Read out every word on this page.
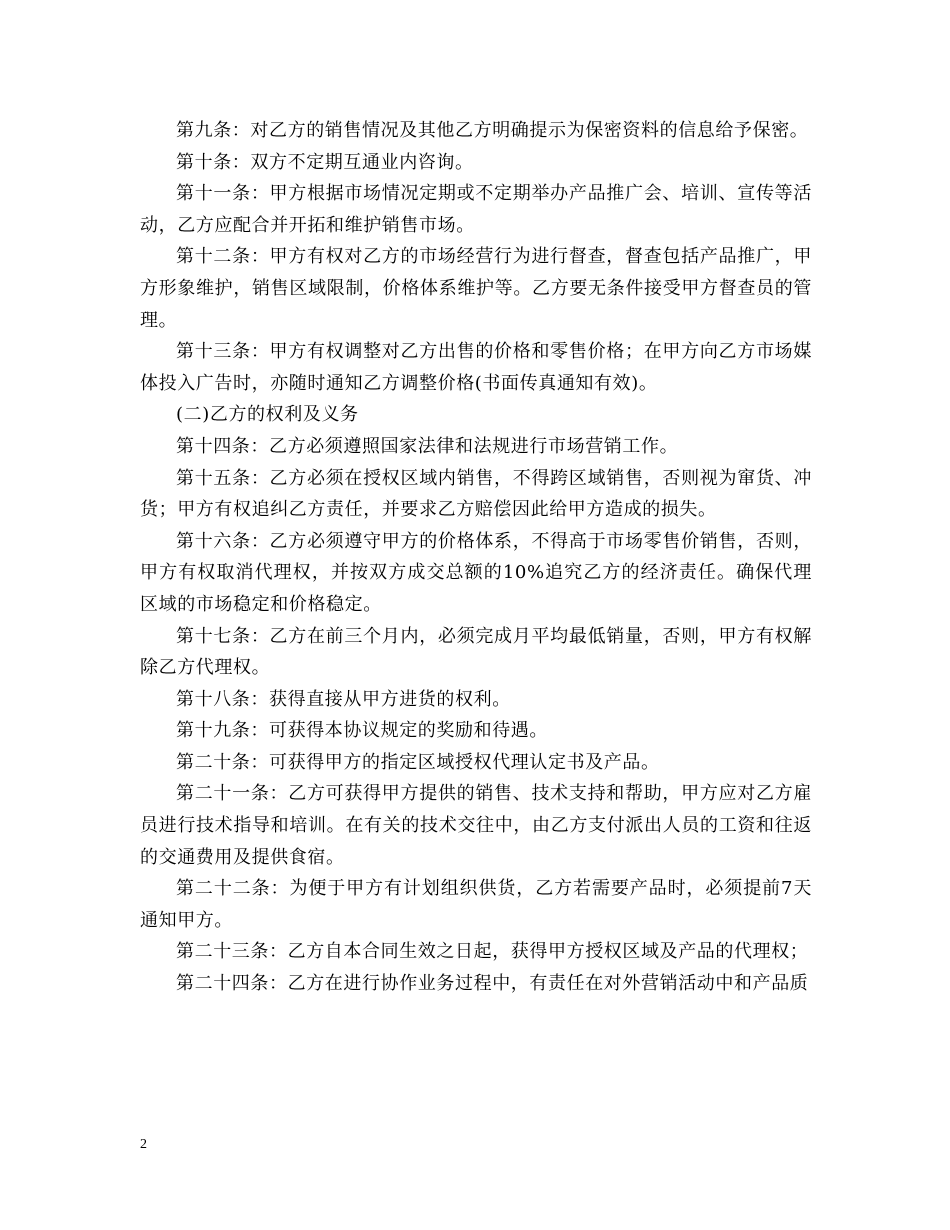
第九条：对乙方的销售情况及其他乙方明确提示为保密资料的信息给予保密。

第十条：双方不定期互通业内咨询。

第十一条：甲方根据市场情况定期或不定期举办产品推广会、培训、宣传等活动，乙方应配合并开拓和维护销售市场。

第十二条：甲方有权对乙方的市场经营行为进行督查，督查包括产品推广，甲方形象维护，销售区域限制，价格体系维护等。乙方要无条件接受甲方督查员的管理。

第十三条：甲方有权调整对乙方出售的价格和零售价格；在甲方向乙方市场媒体投入广告时，亦随时通知乙方调整价格(书面传真通知有效)。

(二)乙方的权利及义务

第十四条：乙方必须遵照国家法律和法规进行市场营销工作。

第十五条：乙方必须在授权区域内销售，不得跨区域销售，否则视为窜货、冲货；甲方有权追纠乙方责任，并要求乙方赔偿因此给甲方造成的损失。

第十六条：乙方必须遵守甲方的价格体系，不得高于市场零售价销售，否则，甲方有权取消代理权，并按双方成交总额的10%追究乙方的经济责任。确保代理区域的市场稳定和价格稳定。

第十七条：乙方在前三个月内，必须完成月平均最低销量，否则，甲方有权解除乙方代理权。

第十八条：获得直接从甲方进货的权利。

第十九条：可获得本协议规定的奖励和待遇。

第二十条：可获得甲方的指定区域授权代理认定书及产品。

第二十一条：乙方可获得甲方提供的销售、技术支持和帮助，甲方应对乙方雇员进行技术指导和培训。在有关的技术交往中，由乙方支付派出人员的工资和往返的交通费用及提供食宿。

第二十二条：为便于甲方有计划组织供货，乙方若需要产品时，必须提前7天通知甲方。

第二十三条：乙方自本合同生效之日起，获得甲方授权区域及产品的代理权；

第二十四条：乙方在进行协作业务过程中，有责任在对外营销活动中和产品质

2
